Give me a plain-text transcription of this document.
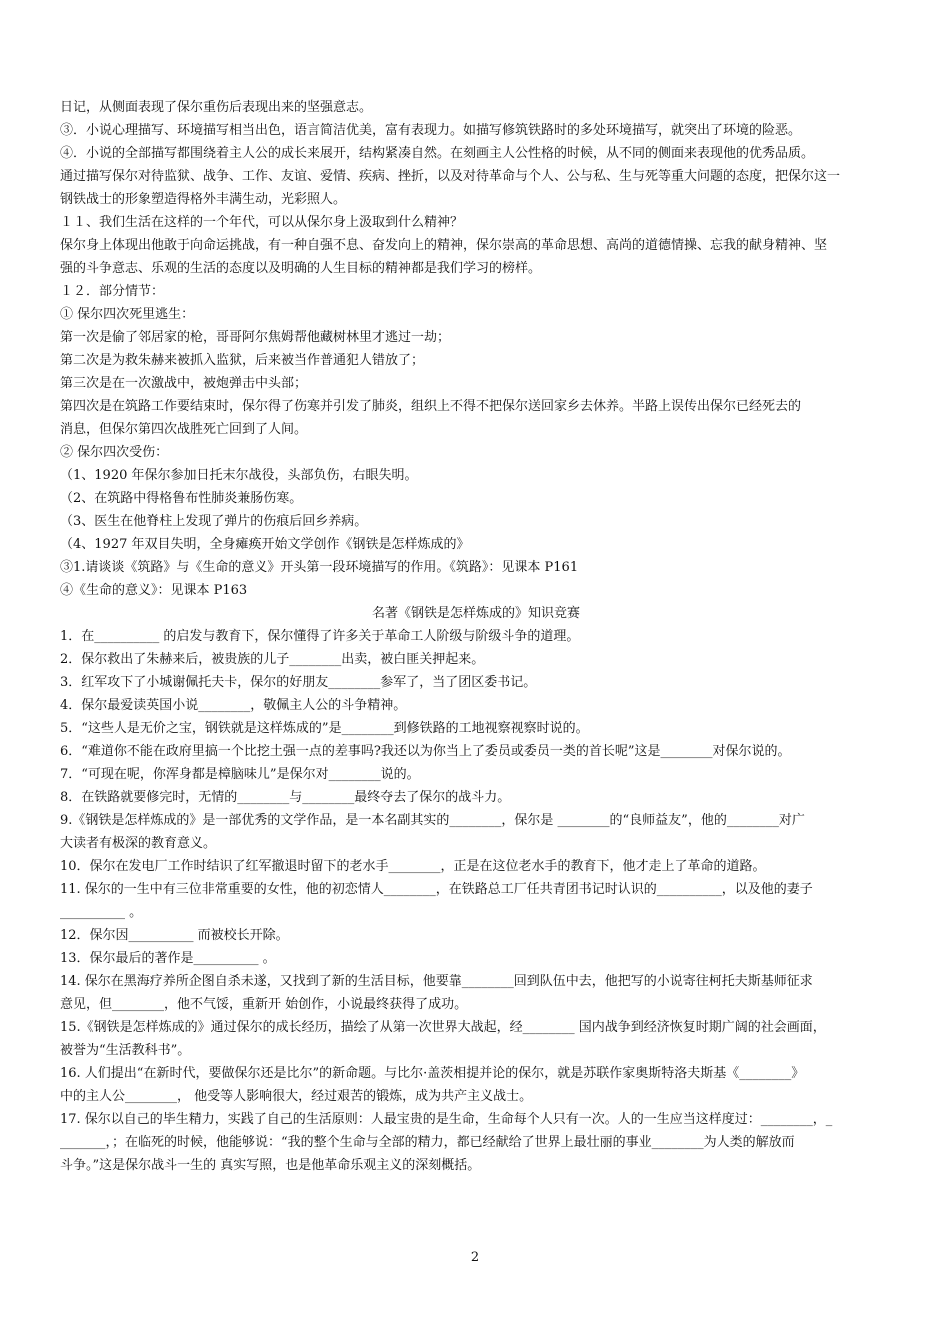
日记，从侧面表现了保尔重伤后表现出来的坚强意志。
③．小说心理描写、环境描写相当出色，语言简洁优美，富有表现力。如描写修筑铁路时的多处环境描写，就突出了环境的险恶。
④．小说的全部描写都围绕着主人公的成长来展开，结构紧凑自然。在刻画主人公性格的时候，从不同的侧面来表现他的优秀品质。
通过描写保尔对待监狱、战争、工作、友谊、爱情、疾病、挫折，以及对待革命与个人、公与私、生与死等重大问题的态度，把保尔这一
钢铁战士的形象塑造得格外丰满生动，光彩照人。
１１、我们生活在这样的一个年代，可以从保尔身上汲取到什么精神？
保尔身上体现出他敢于向命运挑战，有一种自强不息、奋发向上的精神，保尔崇高的革命思想、高尚的道德情操、忘我的献身精神、坚
强的斗争意志、乐观的生活的态度以及明确的人生目标的精神都是我们学习的榜样。
１２．部分情节：
① 保尔四次死里逃生：
第一次是偷了邻居家的枪，哥哥阿尔焦姆帮他藏树林里才逃过一劫；
第二次是为救朱赫来被抓入监狱，后来被当作普通犯人错放了；
第三次是在一次激战中，被炮弹击中头部；
第四次是在筑路工作要结束时，保尔得了伤寒并引发了肺炎，组织上不得不把保尔送回家乡去休养。半路上误传出保尔已经死去的
消息，但保尔第四次战胜死亡回到了人间。
② 保尔四次受伤：
（1、1920 年保尔参加日托末尔战役，头部负伤，右眼失明。
（2、在筑路中得格鲁布性肺炎兼肠伤寒。
（3、医生在他脊柱上发现了弹片的伤痕后回乡养病。
（4、1927 年双目失明，全身瘫痪开始文学创作《钢铁是怎样炼成的》
③1.请谈谈《筑路》与《生命的意义》开头第一段环境描写的作用。《筑路》：见课本 P161
④《生命的意义》：见课本 P163
名著《钢铁是怎样炼成的》知识竞赛
1．在__________ 的启发与教育下，保尔懂得了许多关于革命工人阶级与阶级斗争的道理。
2．保尔救出了朱赫来后，被贵族的儿子________出卖，被白匪关押起来。
3．红军攻下了小城谢佩托夫卡，保尔的好朋友________参军了，当了团区委书记。
4．保尔最爱读英国小说________，敬佩主人公的斗争精神。
5．“这些人是无价之宝，钢铁就是这样炼成的”是________到修铁路的工地视察视察时说的。
6．“难道你不能在政府里搞一个比挖土强一点的差事吗?我还以为你当上了委员或委员一类的首长呢”这是________对保尔说的。
7．“可现在呢，你浑身都是樟脑味儿”是保尔对________说的。
8．在铁路就要修完时，无情的________与________最终夺去了保尔的战斗力。
9.《钢铁是怎样炼成的》是一部优秀的文学作品，是一本名副其实的________，保尔是 ________的“良师益友”，他的________对广
大读者有极深的教育意义。
10．保尔在发电厂工作时结识了红军撤退时留下的老水手________，正是在这位老水手的教育下，他才走上了革命的道路。
11. 保尔的一生中有三位非常重要的女性，他的初恋情人________，在铁路总工厂任共青团书记时认识的__________，以及他的妻子
__________ 。
12．保尔因__________ 而被校长开除。
13．保尔最后的著作是__________ 。
14. 保尔在黑海疗养所企图自杀未遂，又找到了新的生活目标，他要靠________回到队伍中去，他把写的小说寄往柯托夫斯基师征求
意见，但________，他不气馁，重新开 始创作，小说最终获得了成功。
15.《钢铁是怎样炼成的》通过保尔的成长经历，描绘了从第一次世界大战起，经________ 国内战争到经济恢复时期广阔的社会画面，
被誉为“生活教科书”。
16. 人们提出“在新时代，要做保尔还是比尔”的新命题。与比尔·盖茨相提并论的保尔，就是苏联作家奥斯特洛夫斯基《________》
中的主人公________， 他受等人影响很大，经过艰苦的锻炼，成为共产主义战士。
17. 保尔以自己的毕生精力，实践了自己的生活原则：人最宝贵的是生命，生命每个人只有一次。人的一生应当这样度过：________，_
_______，；在临死的时候，他能够说：“我的整个生命与全部的精力，都已经献给了世界上最壮丽的事业________为人类的解放而
斗争。”这是保尔战斗一生的 真实写照，也是他革命乐观主义的深刻概括。
2
